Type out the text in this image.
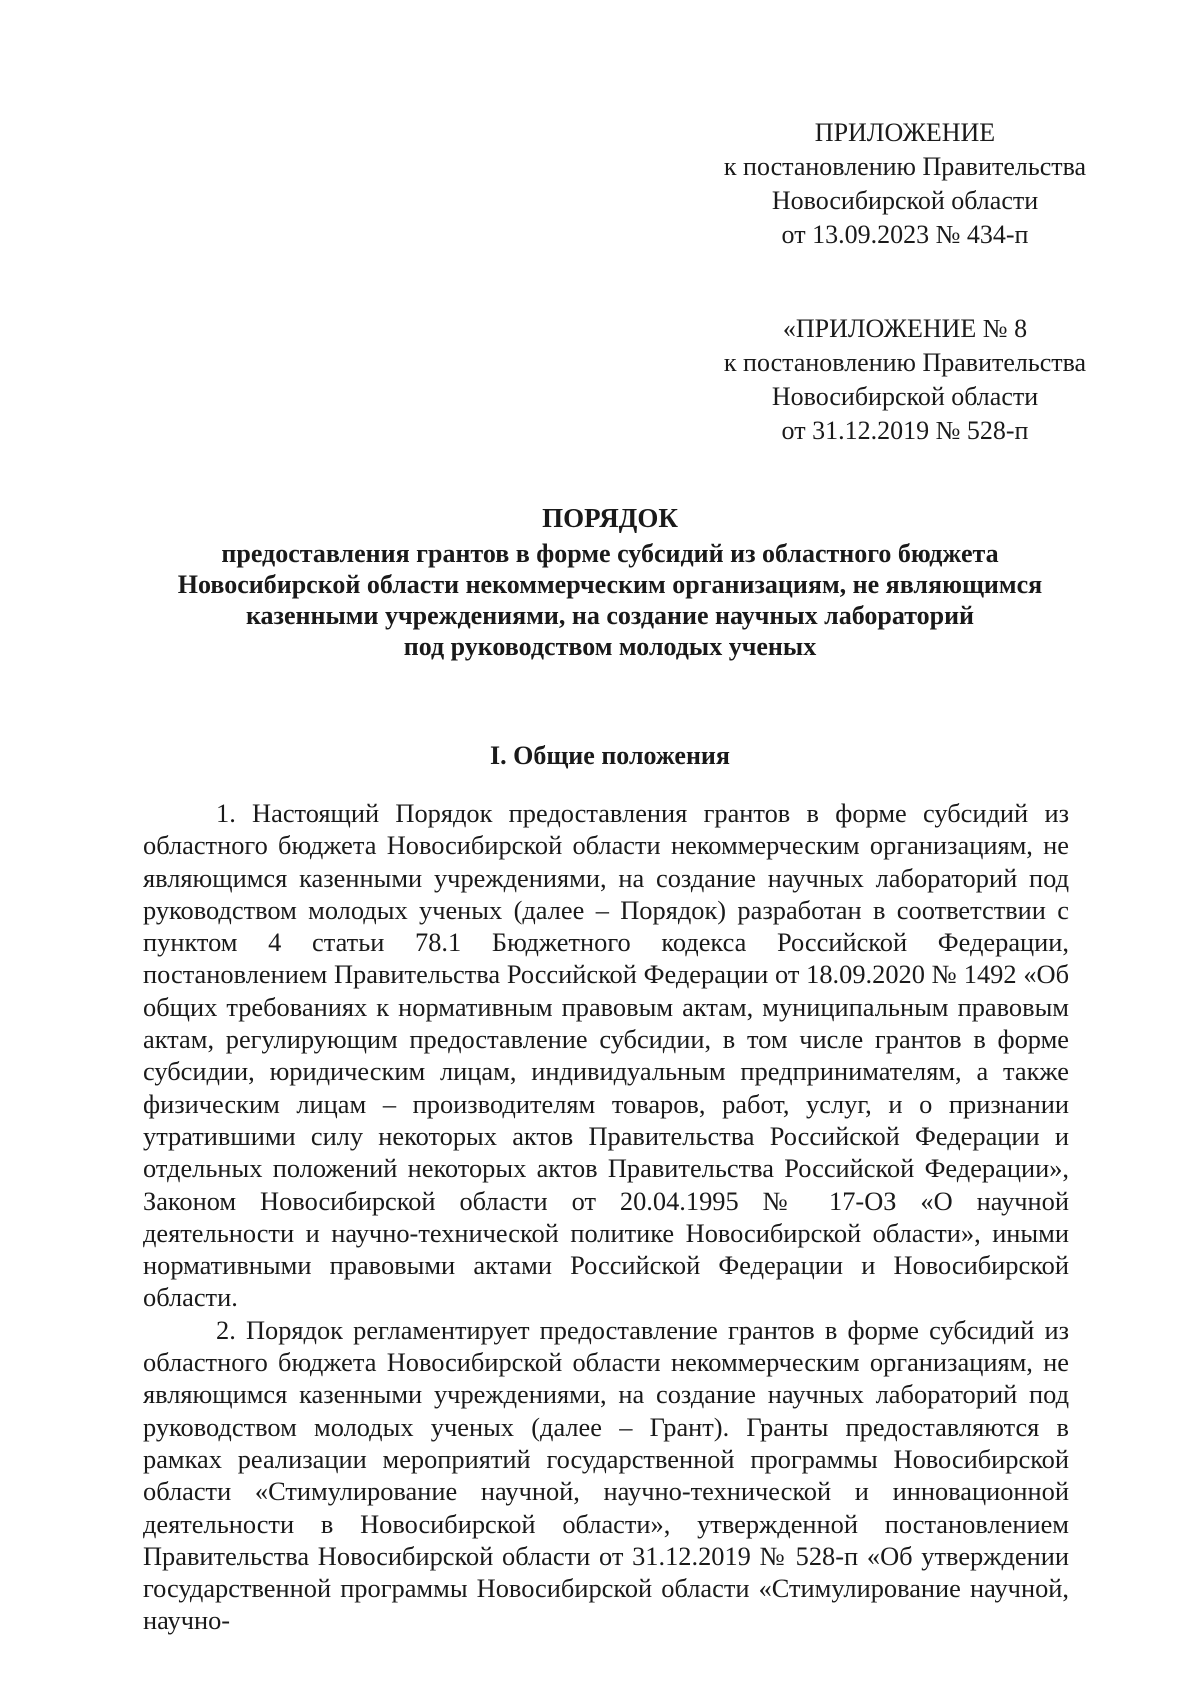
ПРИЛОЖЕНИЕ
к постановлению Правительства
Новосибирской области
от 13.09.2023 № 434-п
«ПРИЛОЖЕНИЕ № 8
к постановлению Правительства
Новосибирской области
от 31.12.2019 № 528-п
ПОРЯДОК
предоставления грантов в форме субсидий из областного бюджета
Новосибирской области некоммерческим организациям, не являющимся
казенными учреждениями, на создание научных лабораторий
под руководством молодых ученых
I. Общие положения

1. Настоящий Порядок предоставления грантов в форме субсидий из областного бюджета Новосибирской области некоммерческим организациям, не являющимся казенными учреждениями, на создание научных лабораторий под руководством молодых ученых (далее – Порядок) разработан в соответствии с пунктом 4 статьи 78.1 Бюджетного кодекса Российской Федерации, постановлением Правительства Российской Федерации от 18.09.2020 № 1492 «Об общих требованиях к нормативным правовым актам, муниципальным правовым актам, регулирующим предоставление субсидии, в том числе грантов в форме субсидии, юридическим лицам, индивидуальным предпринимателям, а также физическим лицам – производителям товаров, работ, услуг, и о признании утратившими силу некоторых актов Правительства Российской Федерации и отдельных положений некоторых актов Правительства Российской Федерации», Законом Новосибирской области от 20.04.1995 № 17-ОЗ «О научной деятельности и научно-технической политике Новосибирской области», иными нормативными правовыми актами Российской Федерации и Новосибирской области.

2. Порядок регламентирует предоставление грантов в форме субсидий из областного бюджета Новосибирской области некоммерческим организациям, не являющимся казенными учреждениями, на создание научных лабораторий под руководством молодых ученых (далее – Грант). Гранты предоставляются в рамках реализации мероприятий государственной программы Новосибирской области «Стимулирование научной, научно-технической и инновационной деятельности в Новосибирской области», утвержденной постановлением Правительства Новосибирской области от 31.12.2019 № 528-п «Об утверждении государственной программы Новосибирской области «Стимулирование научной, научно-
